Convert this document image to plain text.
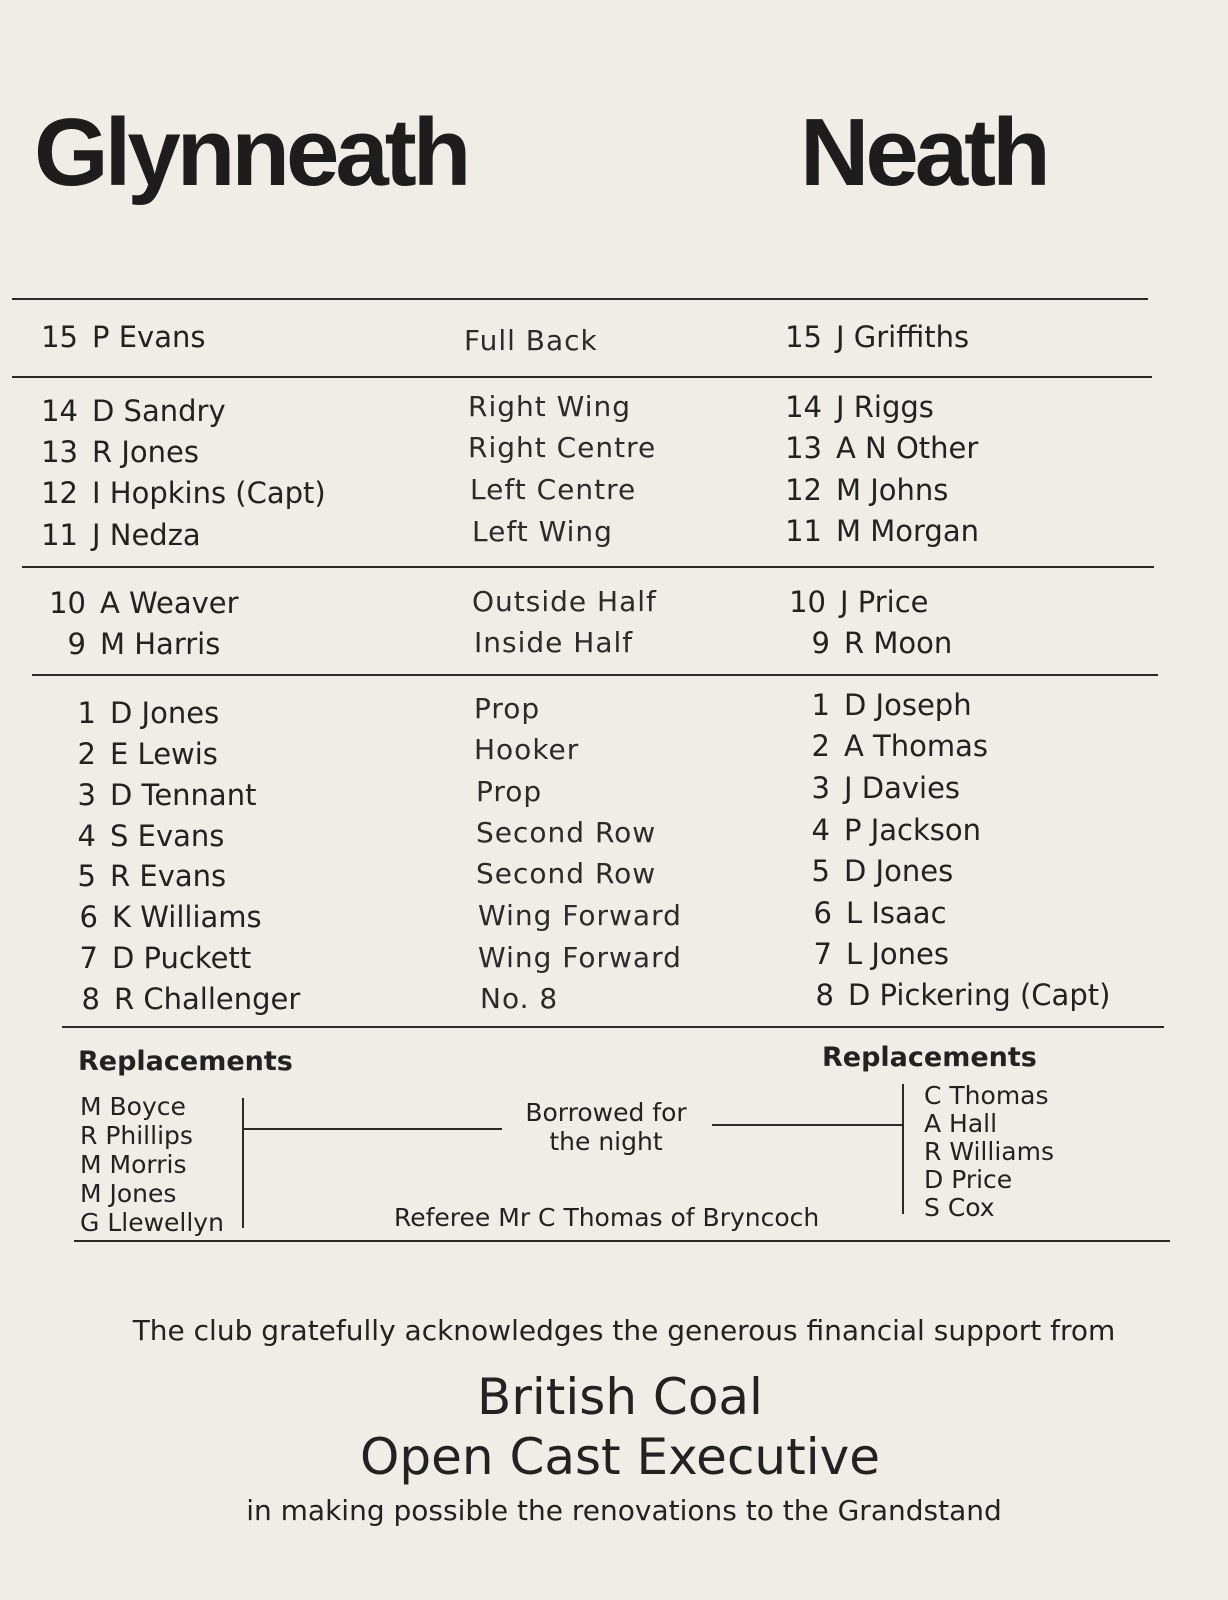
Glynneath	Neath
15 P Evans	Full Back	15 J Griffiths
14 D Sandry	Right Wing	14 J Riggs
13 R Jones	Right Centre	13 A N Other
12 I Hopkins (Capt)	Left Centre	12 M Johns
11 J Nedza	Left Wing	11 M Morgan
10 A Weaver	Outside Half	10 J Price
9 M Harris	Inside Half	9 R Moon
1 D Jones	Prop	1 D Joseph
2 E Lewis	Hooker	2 A Thomas
3 D Tennant	Prop	3 J Davies
4 S Evans	Second Row	4 P Jackson
5 R Evans	Second Row	5 D Jones
6 K Williams	Wing Forward	6 L Isaac
7 D Puckett	Wing Forward	7 L Jones
8 R Challenger	No. 8	8 D Pickering (Capt)
Replacements
M Boyce
R Phillips
M Morris
M Jones
G Llewellyn
Borrowed for
the night
Replacements
C Thomas
A Hall
R Williams
D Price
S Cox
Referee Mr C Thomas of Bryncoch
The club gratefully acknowledges the generous financial support from
British Coal
Open Cast Executive
in making possible the renovations to the Grandstand
